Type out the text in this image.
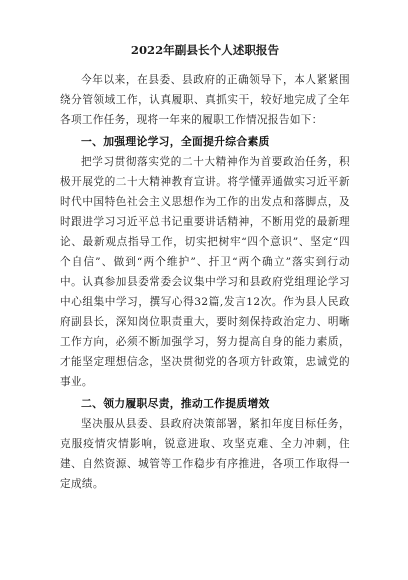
2022年副县长个人述职报告

今年以来，在县委、县政府的正确领导下，本人紧紧围绕分管领域工作，认真履职、真抓实干，较好地完成了全年各项工作任务，现将一年来的履职工作情况报告如下：

一、加强理论学习，全面提升综合素质

把学习贯彻落实党的二十大精神作为首要政治任务，积极开展党的二十大精神教育宣讲。将学懂弄通做实习近平新时代中国特色社会主义思想作为工作的出发点和落脚点，及时跟进学习习近平总书记重要讲话精神，不断用党的最新理论、最新观点指导工作，切实把树牢“四个意识”、坚定“四个自信”、做到“两个维护”、扞卫“两个确立”落实到行动中。认真参加县委常委会议集中学习和县政府党组理论学习中心组集中学习，撰写心得32篇,发言12次。作为县人民政府副县长，深知岗位职责重大，要时刻保持政治定力、明晰工作方向，必须不断加强学习，努力提高自身的能力素质，才能坚定理想信念，坚决贯彻党的各项方针政策，忠诚党的事业。

二、领力履职尽责，推动工作提质增效

坚决服从县委、县政府决策部署，紧扣年度目标任务，克服疫情灾情影响，锐意进取、攻坚克难、全力冲刺，住建、自然资源、城管等工作稳步有序推进，各项工作取得一定成绩。
